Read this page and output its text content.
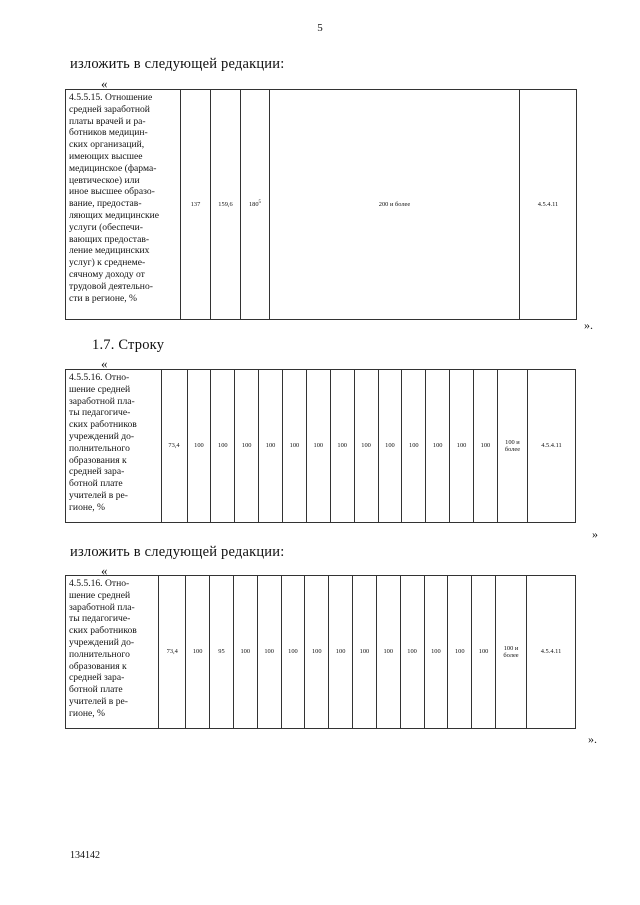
5
изложить в следующей редакции:
«
4.5.5.15. Отношение
средней заработной
платы врачей и ра-
ботников медицин-
ских организаций,
имеющих высшее
медицинское (фарма-
цевтическое) или
иное высшее образо-
вание, предостав-
ляющих медицинские
услуги (обеспечи-
вающих предостав-
ление медицинских
услуг) к среднеме-
сячному доходу от
трудовой деятельно-
сти в регионе, %	137	159,6	$180^5$	200 и более	4.5.4.11
».
1.7. Строку
«
4.5.5.16. Отно-
шение средней
заработной пла-
ты педагогиче-
ских работников
учреждений до-
полнительного
образования к
средней зара-
ботной плате
учителей в ре-
гионе, %	73,4	100	100	100	100	100	100	100	100	100	100	100	100	100	100 и
более	4.5.4.11
»
изложить в следующей редакции:
«
4.5.5.16. Отно-
шение средней
заработной пла-
ты педагогиче-
ских работников
учреждений до-
полнительного
образования к
средней зара-
ботной плате
учителей в ре-
гионе, %	73,4	100	95	100	100	100	100	100	100	100	100	100	100	100	100 и
более	4.5.4.11
».
134142
